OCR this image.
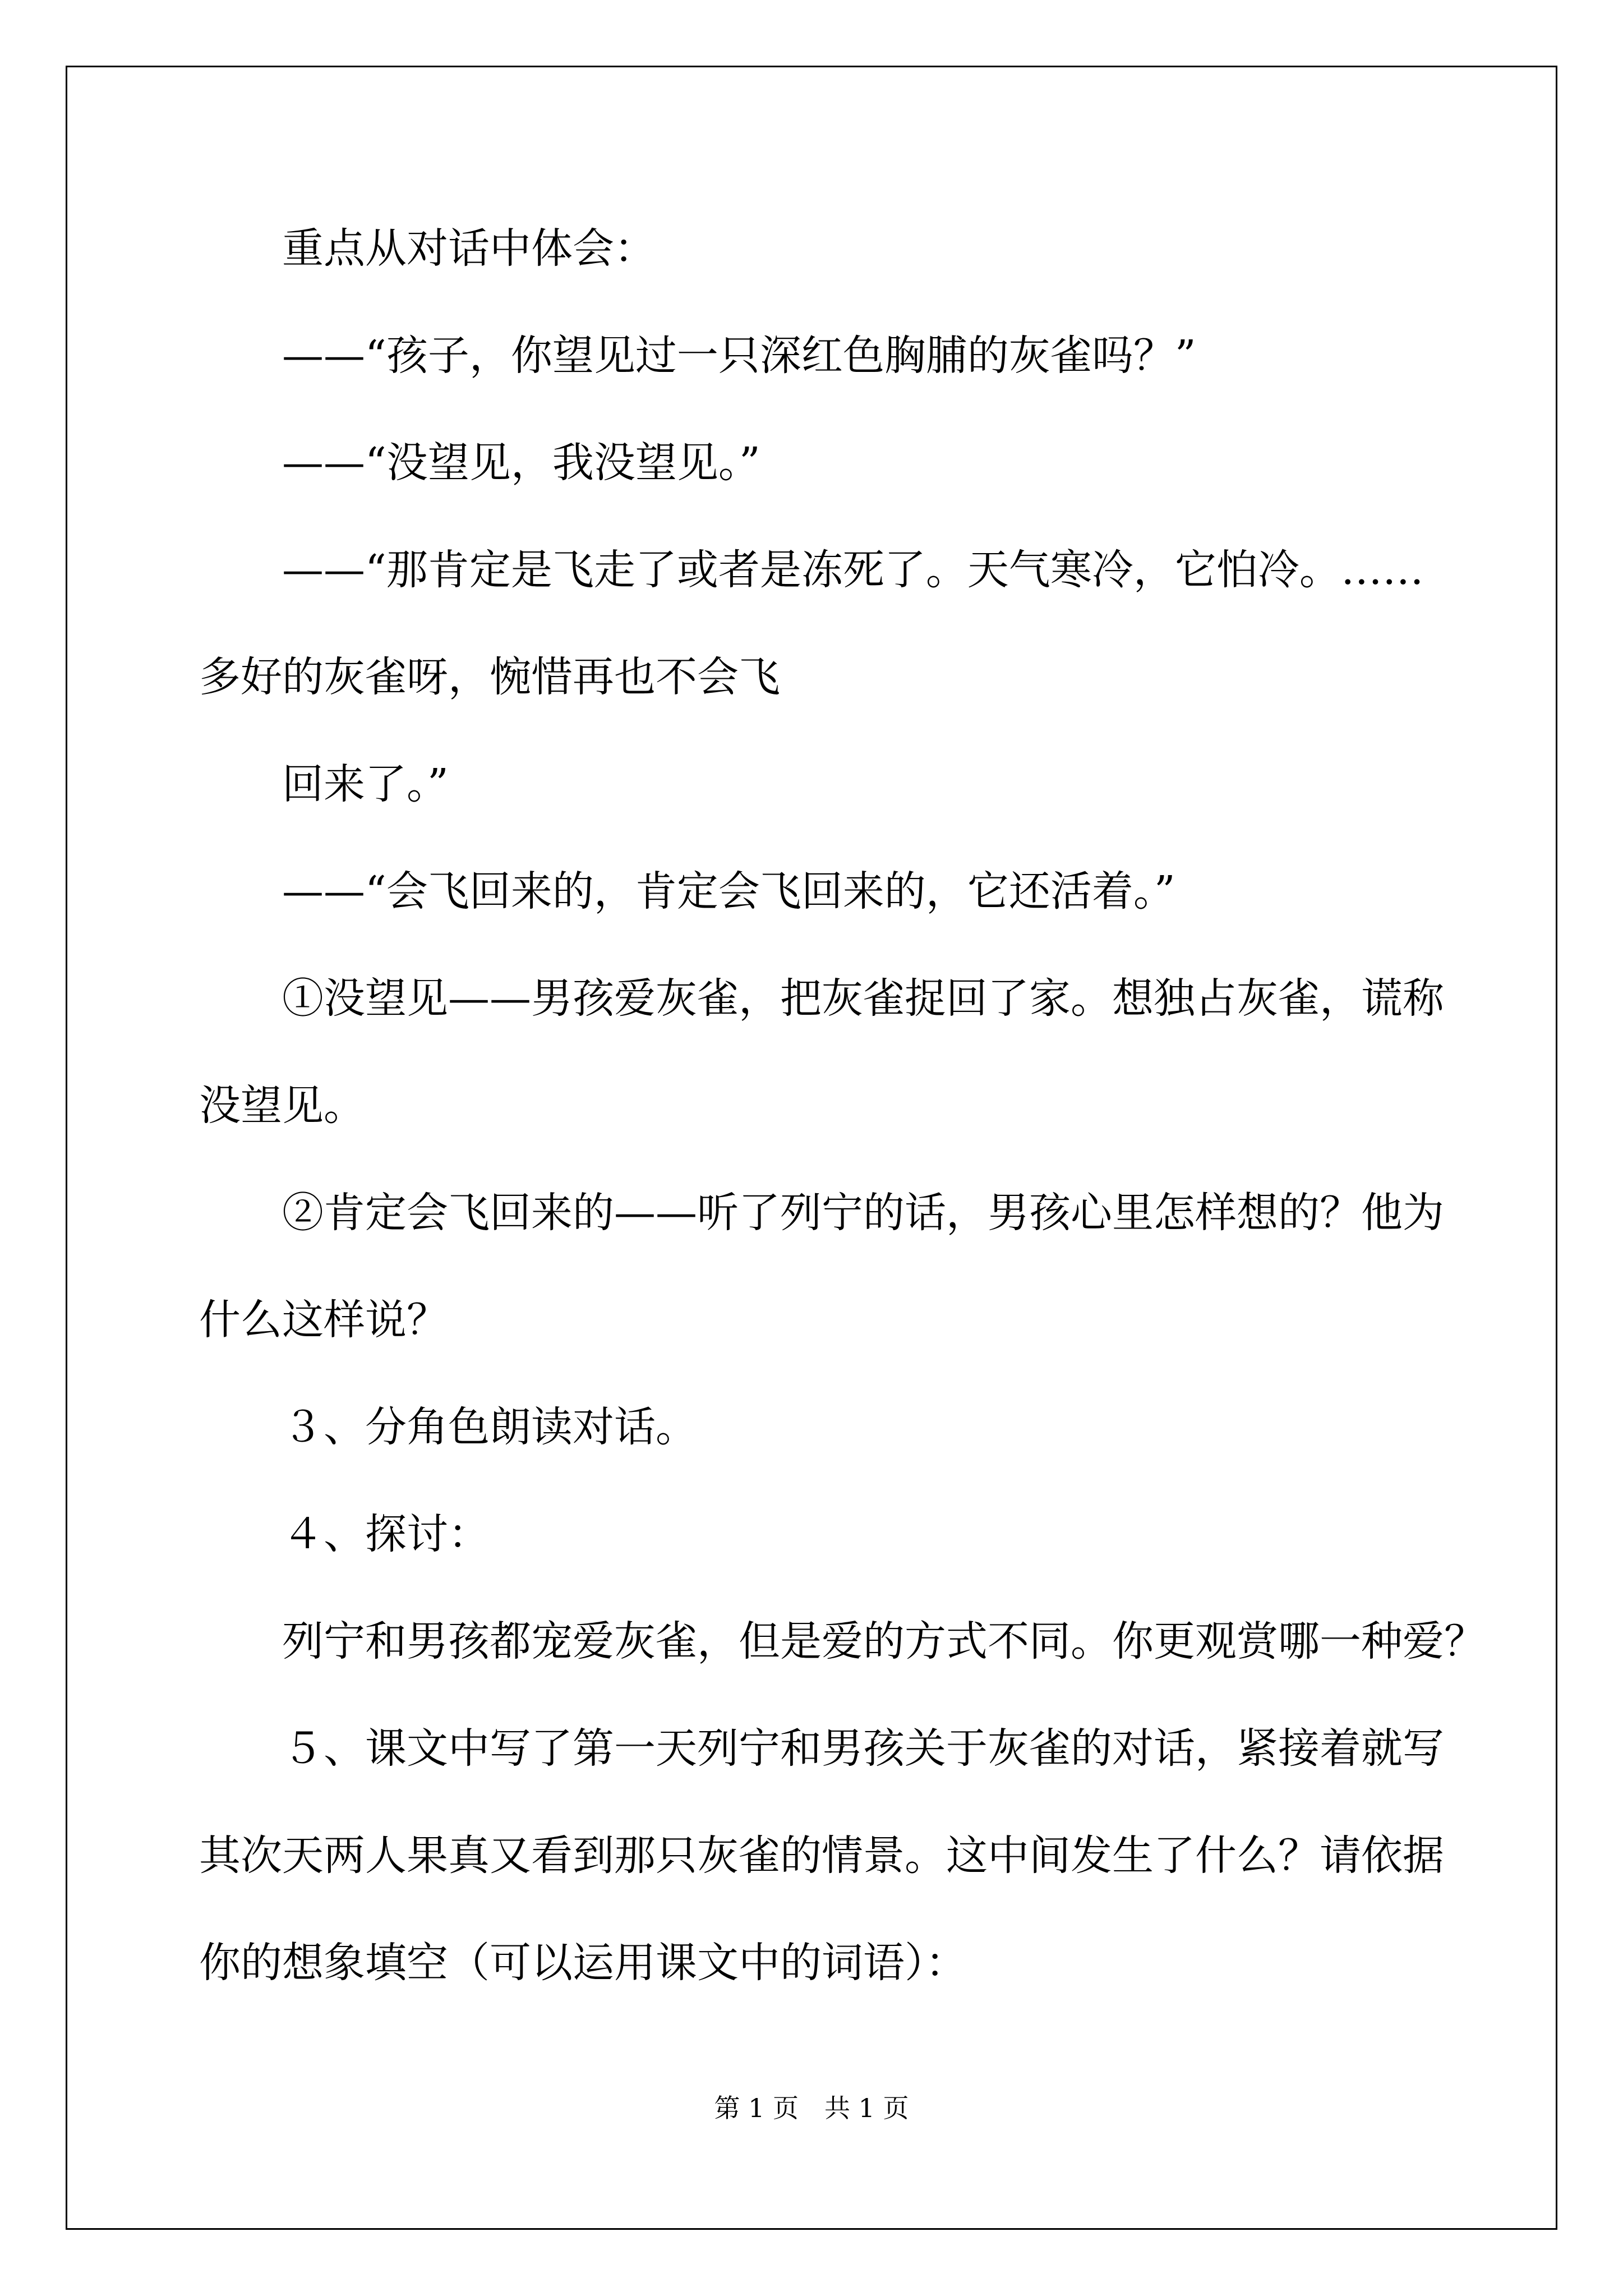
重点从对话中体会：
——“孩子，你望见过一只深红色胸脯的灰雀吗？”
——“没望见，我没望见。”
——“那肯定是飞走了或者是冻死了。天气寒冷，它怕冷。……
多好的灰雀呀，惋惜再也不会飞
回来了。”
——“会飞回来的，肯定会飞回来的，它还活着。”
①没望见——男孩爱灰雀，把灰雀捉回了家。想独占灰雀，谎称
没望见。
②肯定会飞回来的——听了列宁的话，男孩心里怎样想的？他为
什么这样说？
３、分角色朗读对话。
４、探讨：
列宁和男孩都宠爱灰雀，但是爱的方式不同。你更观赏哪一种爱？
５、课文中写了第一天列宁和男孩关于灰雀的对话，紧接着就写
其次天两人果真又看到那只灰雀的情景。这中间发生了什么？请依据
你的想象填空（可以运用课文中的词语）：
第 1 页 共 1 页
